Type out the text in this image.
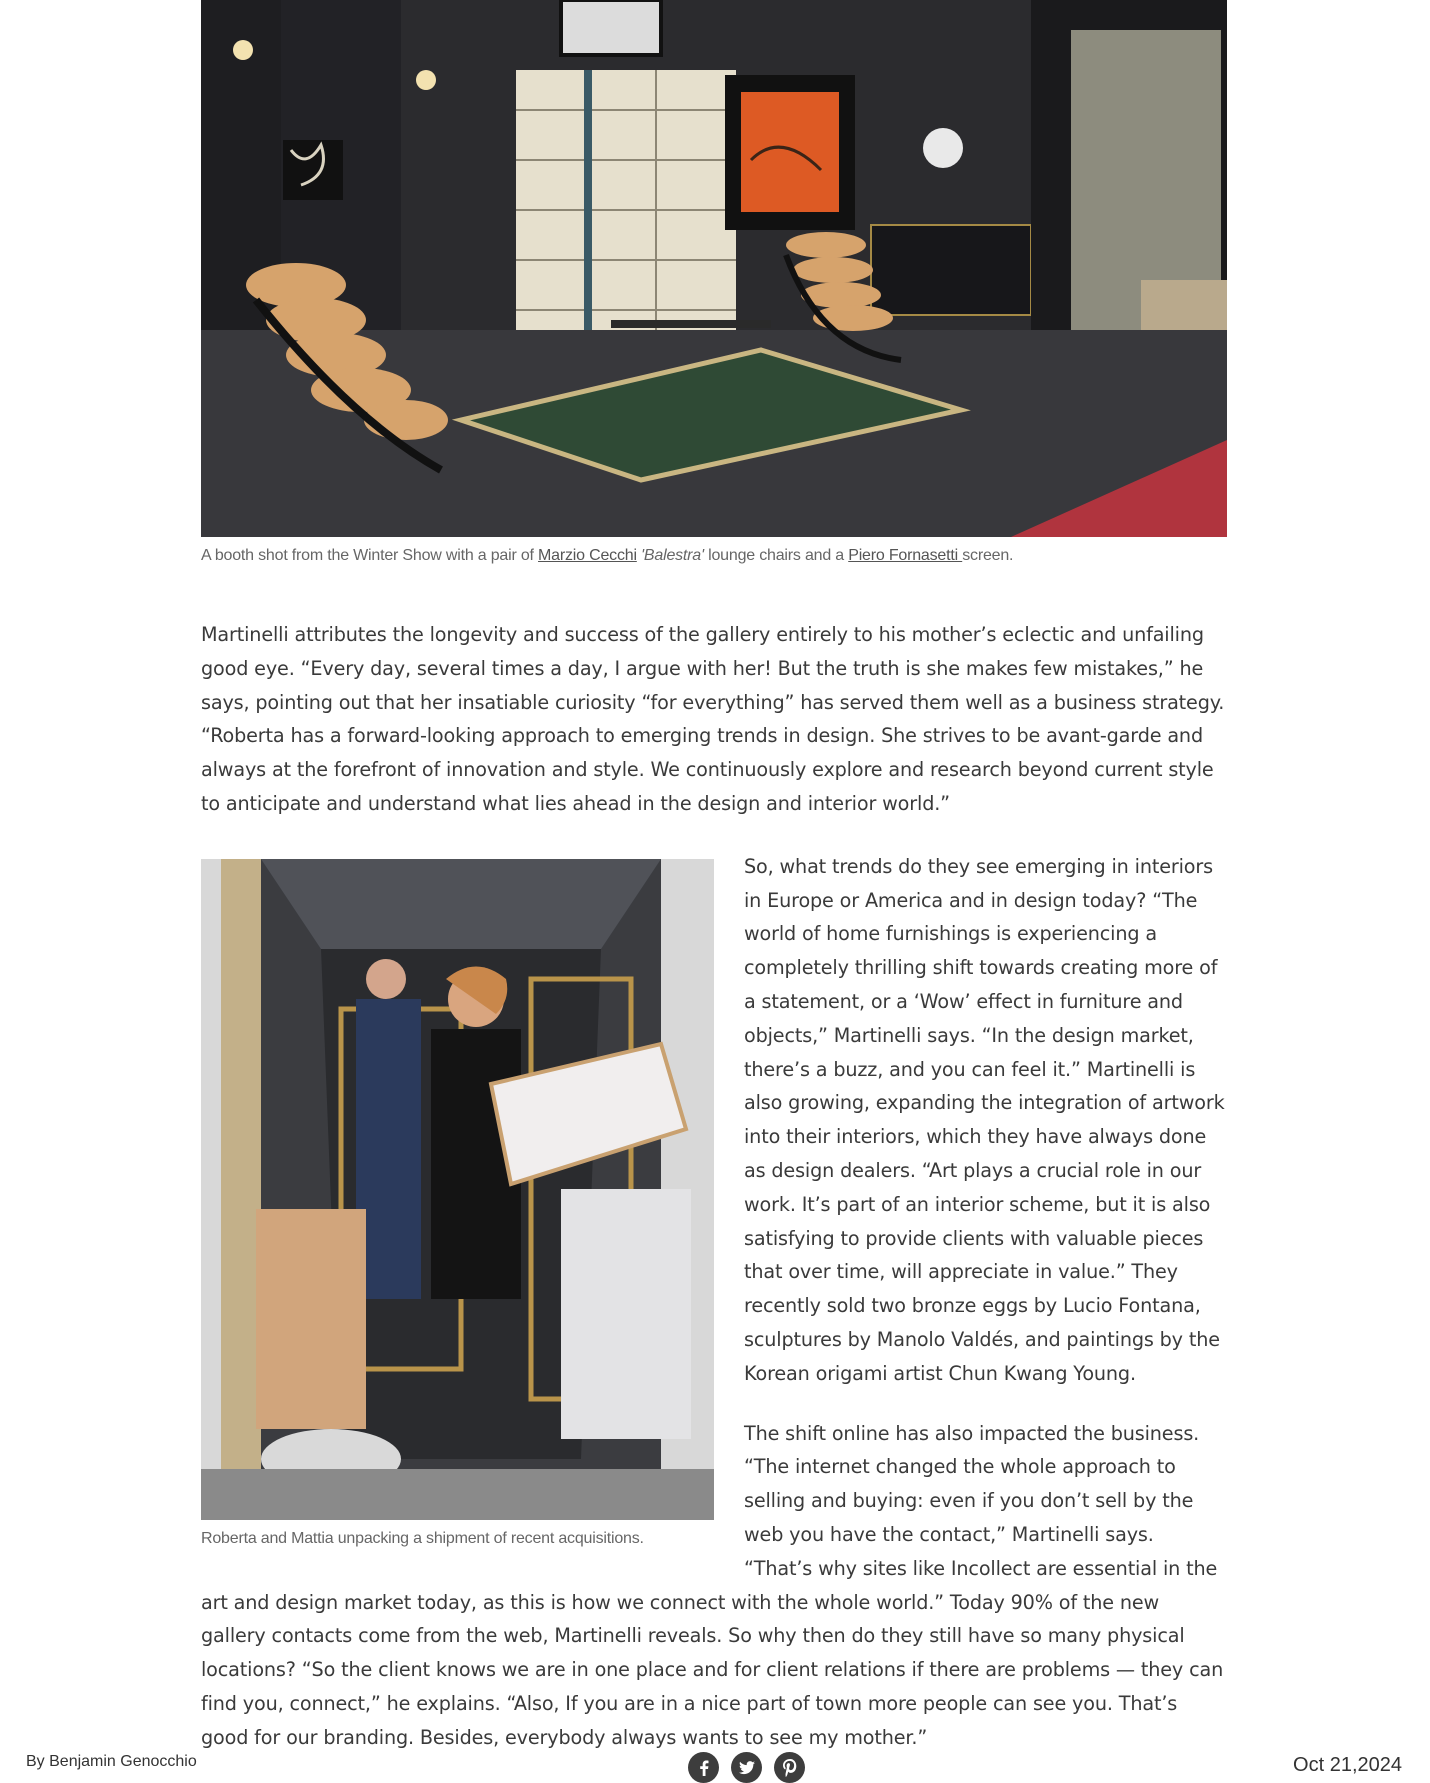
A booth shot from the Winter Show with a pair of Marzio Cecchi 'Balestra' lounge chairs and a Piero Fornasetti screen.

Martinelli attributes the longevity and success of the gallery entirely to his mother’s eclectic and unfailing good eye. “Every day, several times a day, I argue with her! But the truth is she makes few mistakes,” he says, pointing out that her insatiable curiosity “for everything” has served them well as a business strategy. “Roberta has a forward-looking approach to emerging trends in design. She strives to be avant-garde and always at the forefront of innovation and style. We continuously explore and research beyond current style to anticipate and understand what lies ahead in the design and interior world.”

Roberta and Mattia unpacking a shipment of recent acquisitions.

So, what trends do they see emerging in interiors in Europe or America and in design today? “The world of home furnishings is experiencing a completely thrilling shift towards creating more of a statement, or a ‘Wow’ effect in furniture and objects,” Martinelli says. “In the design market, there’s a buzz, and you can feel it.” Martinelli is also growing, expanding the integration of artwork into their interiors, which they have always done as design dealers. “Art plays a crucial role in our work. It’s part of an interior scheme, but it is also satisfying to provide clients with valuable pieces that over time, will appreciate in value.” They recently sold two bronze eggs by Lucio Fontana, sculptures by Manolo Valdés, and paintings by the Korean origami artist Chun Kwang Young.

The shift online has also impacted the business. “The internet changed the whole approach to selling and buying: even if you don’t sell by the web you have the contact,” Martinelli says. “That’s why sites like Incollect are essential in the art and design market today, as this is how we connect with the whole world.” Today 90% of the new gallery contacts come from the web, Martinelli reveals. So why then do they still have so many physical locations? “So the client knows we are in one place and for client relations if there are problems — they can find you, connect,” he explains. “Also, If you are in a nice part of town more people can see you. That’s good for our branding. Besides, everybody always wants to see my mother.”

By Benjamin Genocchio	Oct 21,2024
